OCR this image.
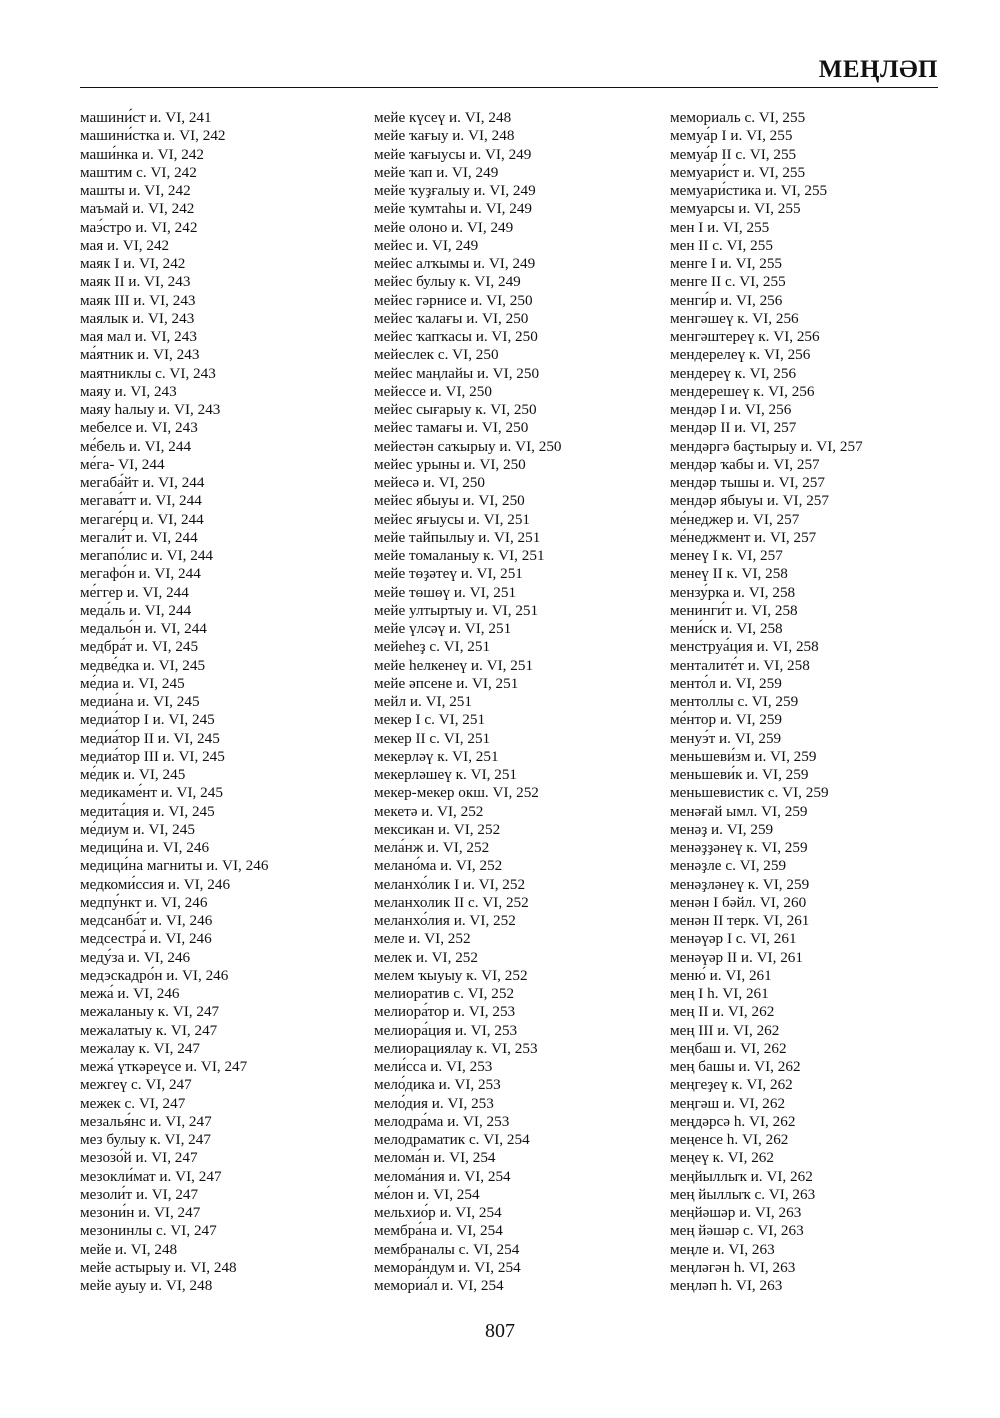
МЕҢЛӘП
машини́ст и. VI, 241
машини́стка и. VI, 242
маши́нка и. VI, 242
маштим с. VI, 242
машты и. VI, 242
маъмай и. VI, 242
маэ́стро и. VI, 242
мая и. VI, 242
маяк I и. VI, 242
маяк II и. VI, 243
маяк III и. VI, 243
маялык и. VI, 243
мая мал и. VI, 243
ма́ятник и. VI, 243
маятниклы с. VI, 243
маяу и. VI, 243
маяу һалыу и. VI, 243
мебелсе и. VI, 243
ме́бель и. VI, 244
ме́га- VI, 244
мегаба́йт и. VI, 244
мегава́тт и. VI, 244
мегаге́рц и. VI, 244
мегали́т и. VI, 244
мегапо́лис и. VI, 244
мегафо́н и. VI, 244
ме́ггер и. VI, 244
меда́ль и. VI, 244
медальо́н и. VI, 244
медбра́т и. VI, 245
медве́дка и. VI, 245
ме́диа и. VI, 245
медиа́на и. VI, 245
медиа́тор I и. VI, 245
медиа́тор II и. VI, 245
медиа́тор III и. VI, 245
ме́дик и. VI, 245
медикаме́нт и. VI, 245
медита́ция и. VI, 245
ме́диум и. VI, 245
медици́на и. VI, 246
медици́на магниты и. VI, 246
медкоми́ссия и. VI, 246
медпу́нкт и. VI, 246
медсанба́т и. VI, 246
медсестра́ и. VI, 246
меду́за и. VI, 246
медэскадро́н и. VI, 246
межа́ и. VI, 246
межаланыу к. VI, 247
межалатыу к. VI, 247
межалау к. VI, 247
межа́ үткәреүсе и. VI, 247
межгеү с. VI, 247
межек с. VI, 247
мезалья́нс и. VI, 247
мез булыу к. VI, 247
мезозо́й и. VI, 247
мезокли́мат и. VI, 247
мезоли́т и. VI, 247
мезони́н и. VI, 247
мезонинлы с. VI, 247
мейе и. VI, 248
мейе астырыу и. VI, 248
мейе ауыу и. VI, 248
мейе күсеү и. VI, 248
мейе ҡағыу и. VI, 248
мейе ҡағыусы и. VI, 249
мейе ҡап и. VI, 249
мейе ҡуҙғалыу и. VI, 249
мейе ҡумтаһы и. VI, 249
мейе олоно и. VI, 249
мейес и. VI, 249
мейес алҡымы и. VI, 249
мейес булыу к. VI, 249
мейес гәрнисе и. VI, 250
мейес ҡалағы и. VI, 250
мейес ҡапҡасы и. VI, 250
мейеслек с. VI, 250
мейес маңлайы и. VI, 250
мейессе и. VI, 250
мейес сығарыу к. VI, 250
мейес тамағы и. VI, 250
мейестән саҡырыу и. VI, 250
мейес урыны и. VI, 250
мейесә и. VI, 250
мейес ябыуы и. VI, 250
мейес яғыусы и. VI, 251
мейе тайпылыу и. VI, 251
мейе томаланыу к. VI, 251
мейе төҙәтеү и. VI, 251
мейе төшөү и. VI, 251
мейе ултыртыу и. VI, 251
мейе үлсәү и. VI, 251
мейеһеҙ с. VI, 251
мейе һелкенеү и. VI, 251
мейе әпсене и. VI, 251
мейл и. VI, 251
мекер I с. VI, 251
мекер II с. VI, 251
мекерләү к. VI, 251
мекерләшеү к. VI, 251
мекер-мекер окш. VI, 252
мекетә и. VI, 252
мексикан и. VI, 252
мела́нж и. VI, 252
мелано́ма и. VI, 252
меланхо́лик I и. VI, 252
меланхолик II с. VI, 252
меланхо́лия и. VI, 252
меле и. VI, 252
мелек и. VI, 252
мелем ҡыуыу к. VI, 252
мелиоратив с. VI, 252
мелиора́тор и. VI, 253
мелиора́ция и. VI, 253
мелиорациялау к. VI, 253
мели́сса и. VI, 253
мело́дика и. VI, 253
мело́дия и. VI, 253
мелодра́ма и. VI, 253
мелодраматик с. VI, 254
мелома́н и. VI, 254
мелома́ния и. VI, 254
ме́лон и. VI, 254
мельхио́р и. VI, 254
мембра́на и. VI, 254
мембраналы с. VI, 254
мемора́ндум и. VI, 254
мемориа́л и. VI, 254
мемориаль с. VI, 255
мемуа́р I и. VI, 255
мемуа́р II с. VI, 255
мемуари́ст и. VI, 255
мемуари́стика и. VI, 255
мемуарсы и. VI, 255
мен I и. VI, 255
мен II с. VI, 255
менге I и. VI, 255
менге II с. VI, 255
менги́р и. VI, 256
менгәшеү к. VI, 256
менгәштереү к. VI, 256
мендерелеү к. VI, 256
мендереү к. VI, 256
мендерешеү к. VI, 256
мендәр I и. VI, 256
мендәр II и. VI, 257
мендәргә баҫтырыу и. VI, 257
мендәр ҡабы и. VI, 257
мендәр тышы и. VI, 257
мендәр ябыуы и. VI, 257
ме́неджер и. VI, 257
ме́неджмент и. VI, 257
менеү I к. VI, 257
менеү II к. VI, 258
мензу́рка и. VI, 258
менинги́т и. VI, 258
мени́ск и. VI, 258
менструа́ция и. VI, 258
менталите́т и. VI, 258
менто́л и. VI, 259
ментоллы с. VI, 259
ме́нтор и. VI, 259
менуэ́т и. VI, 259
меньшеви́зм и. VI, 259
меньшеви́к и. VI, 259
меньшевистик с. VI, 259
менәғай ымл. VI, 259
менәҙ и. VI, 259
менәҙҙәнеү к. VI, 259
менәҙле с. VI, 259
менәҙләнеү к. VI, 259
менән I бәйл. VI, 260
менән II терк. VI, 261
менәүәр I с. VI, 261
менәүәр II и. VI, 261
меню́ и. VI, 261
мең I һ. VI, 261
мең II и. VI, 262
мең III и. VI, 262
меңбаш и. VI, 262
мең башы и. VI, 262
меңгеҙеү к. VI, 262
меңгәш и. VI, 262
меңдәрсә һ. VI, 262
меңенсе һ. VI, 262
меңеү к. VI, 262
меңйыллыҡ и. VI, 262
мең йыллыҡ с. VI, 263
меңйәшәр и. VI, 263
мең йәшәр с. VI, 263
меңле и. VI, 263
меңләгән һ. VI, 263
меңләп һ. VI, 263
807
